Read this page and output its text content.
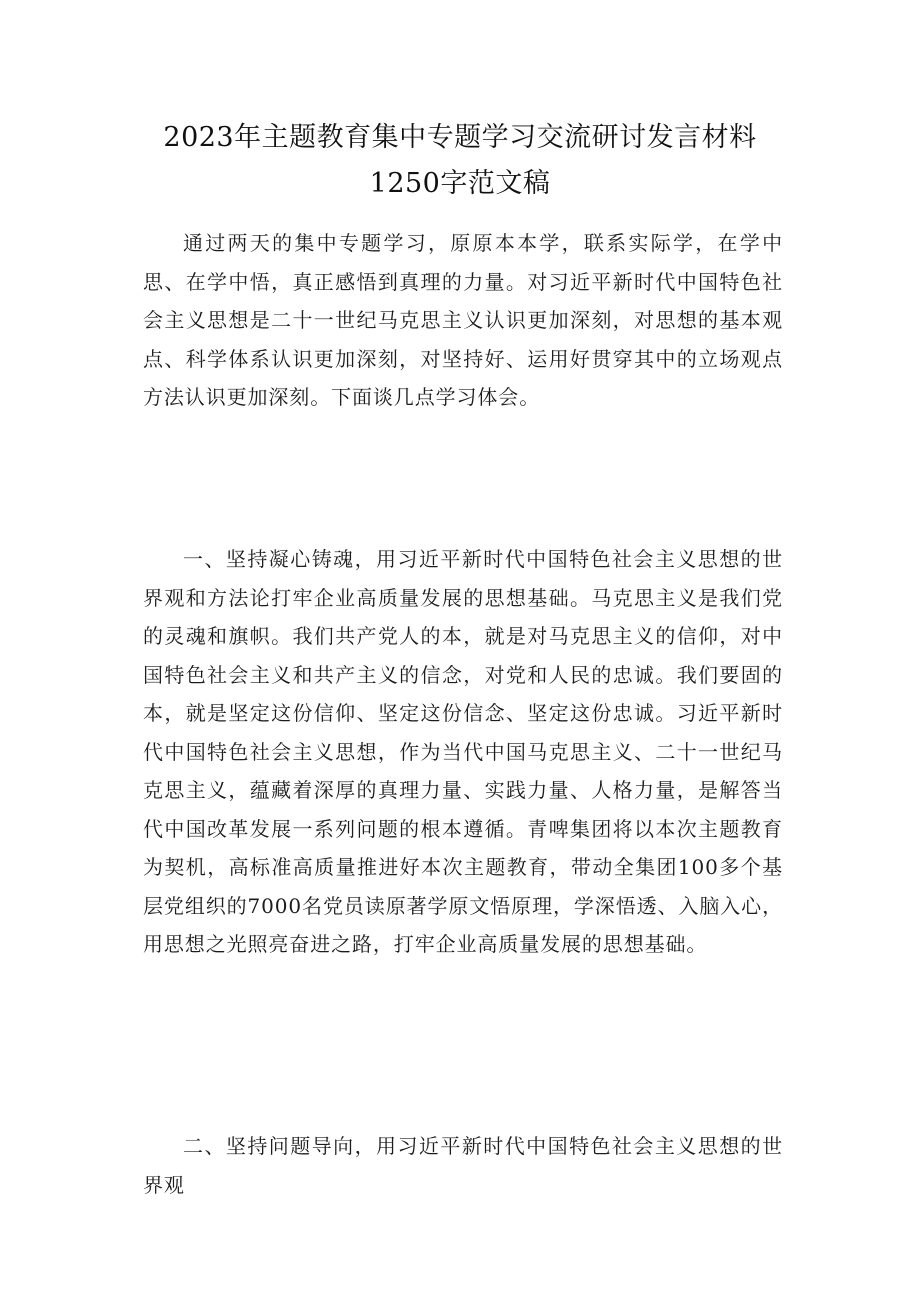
2023年主题教育集中专题学习交流研讨发言材料
1250字范文稿

通过两天的集中专题学习，原原本本学，联系实际学，在学中思、在学中悟，真正感悟到真理的力量。对习近平新时代中国特色社会主义思想是二十一世纪马克思主义认识更加深刻，对思想的基本观点、科学体系认识更加深刻，对坚持好、运用好贯穿其中的立场观点方法认识更加深刻。下面谈几点学习体会。

一、坚持凝心铸魂，用习近平新时代中国特色社会主义思想的世界观和方法论打牢企业高质量发展的思想基础。马克思主义是我们党的灵魂和旗帜。我们共产党人的本，就是对马克思主义的信仰，对中国特色社会主义和共产主义的信念，对党和人民的忠诚。我们要固的本，就是坚定这份信仰、坚定这份信念、坚定这份忠诚。习近平新时代中国特色社会主义思想，作为当代中国马克思主义、二十一世纪马克思主义，蕴藏着深厚的真理力量、实践力量、人格力量，是解答当代中国改革发展一系列问题的根本遵循。青啤集团将以本次主题教育为契机，高标准高质量推进好本次主题教育，带动全集团100多个基层党组织的7000名党员读原著学原文悟原理，学深悟透、入脑入心，用思想之光照亮奋进之路，打牢企业高质量发展的思想基础。

二、坚持问题导向，用习近平新时代中国特色社会主义思想的世界观
